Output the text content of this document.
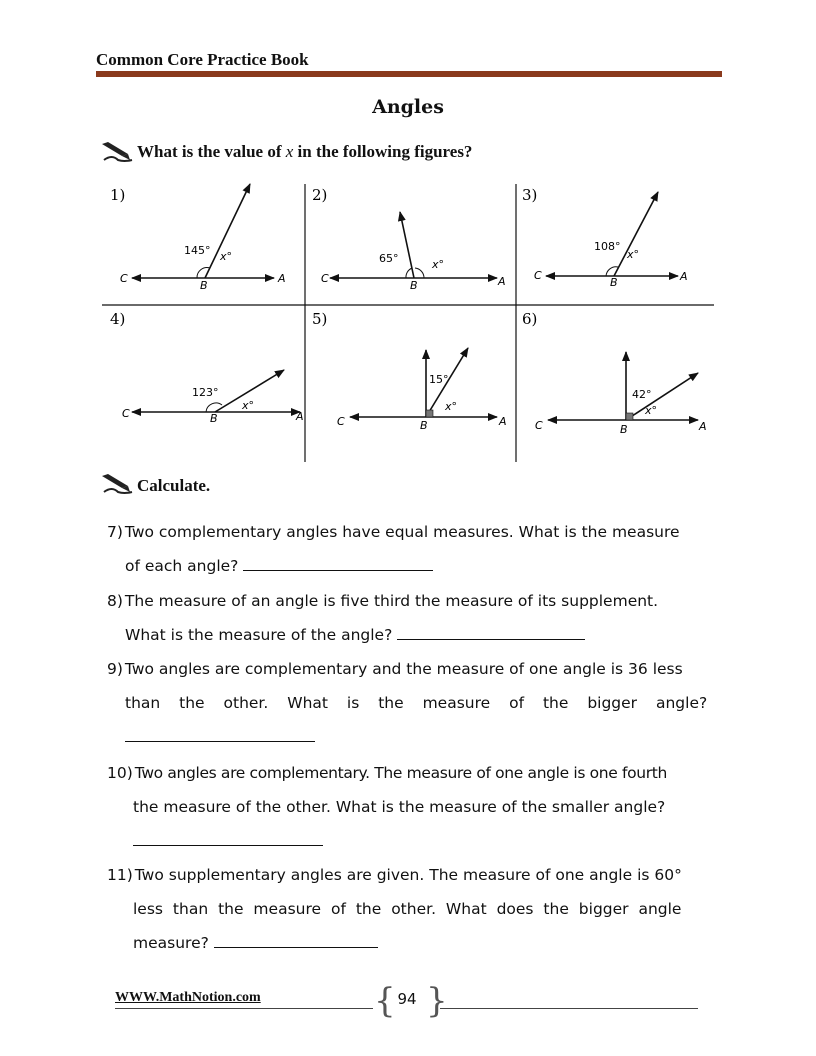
Common Core Practice Book
Angles
What is the value of x in the following figures?
1)
145° x°
C
B
A
2)
65°	x°
C
B	A
3)
108°
x°
C
B	A
4)
123°
x°
C	B	A
5)
15°
x°
C	B	A
6)
42°
x°
C	B	A
Calculate.
7) Two complementary angles have equal measures. What is the measure
of each angle?
8) The measure of an angle is five third the measure of its supplement.
What is the measure of the angle?
9) Two angles are complementary and the measure of one angle is 36 less
than the other. What is the measure of the bigger angle?
10) Two angles are complementary. The measure of one angle is one fourth
the measure of the other. What is the measure of the smaller angle?
11) Two supplementary angles are given. The measure of one angle is 60°
less than the measure of the other. What does the bigger angle
measure?
WWW.MathNotion.com	{ }
94
